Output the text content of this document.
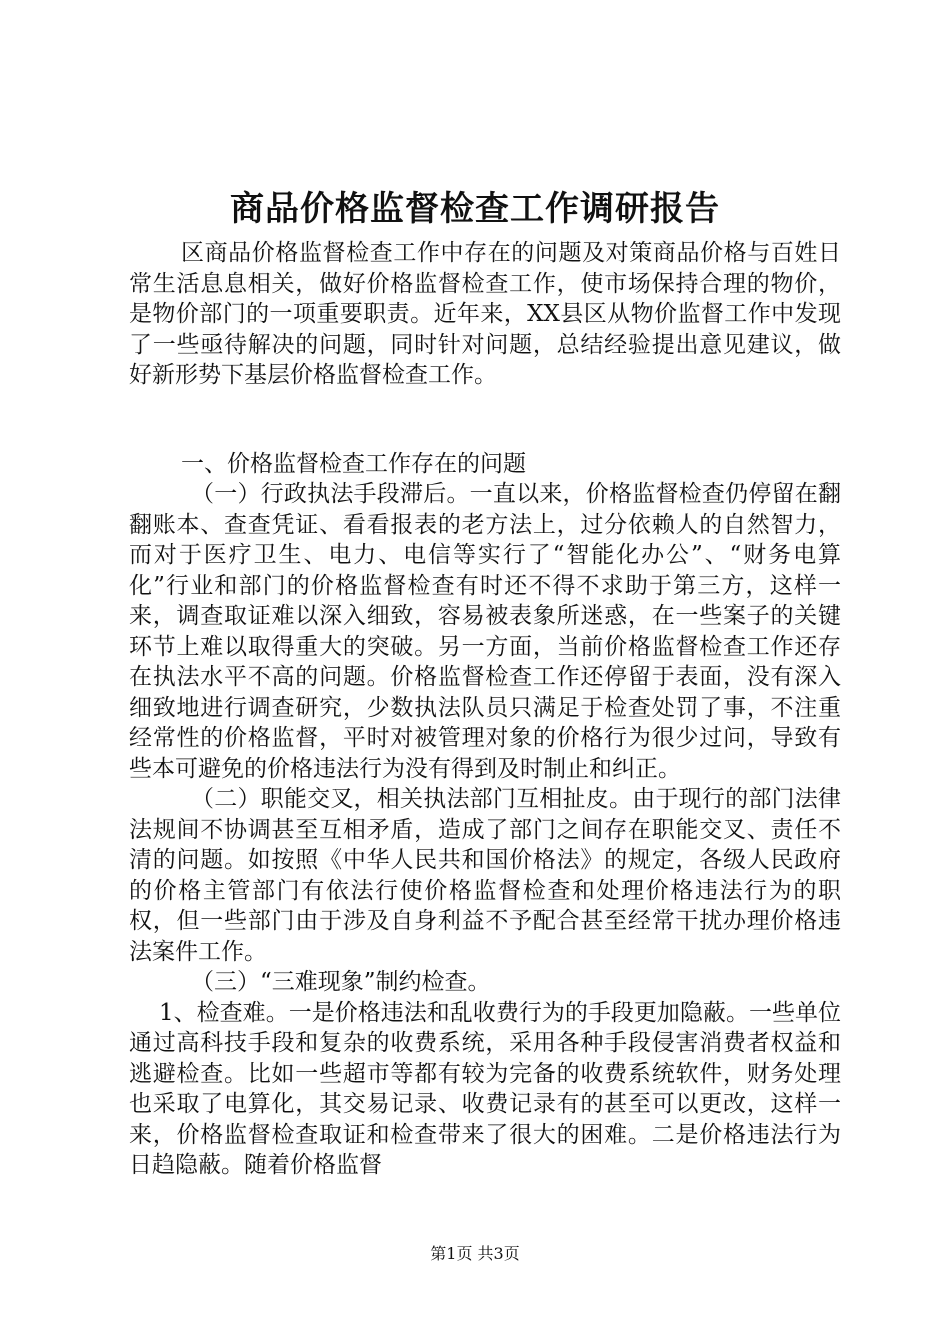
商品价格监督检查工作调研报告

区商品价格监督检查工作中存在的问题及对策商品价格与百姓日常生活息息相关，做好价格监督检查工作，使市场保持合理的物价，是物价部门的一项重要职责。近年来，XX县区从物价监督工作中发现了一些亟待解决的问题，同时针对问题，总结经验提出意见建议，做好新形势下基层价格监督检查工作。

一、价格监督检查工作存在的问题

（一）行政执法手段滞后。一直以来，价格监督检查仍停留在翻翻账本、查查凭证、看看报表的老方法上，过分依赖人的自然智力，而对于医疗卫生、电力、电信等实行了“智能化办公”、“财务电算化”行业和部门的价格监督检查有时还不得不求助于第三方，这样一来，调查取证难以深入细致，容易被表象所迷惑，在一些案子的关键环节上难以取得重大的突破。另一方面，当前价格监督检查工作还存在执法水平不高的问题。价格监督检查工作还停留于表面，没有深入细致地进行调查研究，少数执法队员只满足于检查处罚了事，不注重经常性的价格监督，平时对被管理对象的价格行为很少过问，导致有些本可避免的价格违法行为没有得到及时制止和纠正。

（二）职能交叉，相关执法部门互相扯皮。由于现行的部门法律法规间不协调甚至互相矛盾，造成了部门之间存在职能交叉、责任不清的问题。如按照《中华人民共和国价格法》的规定，各级人民政府的价格主管部门有依法行使价格监督检查和处理价格违法行为的职权，但一些部门由于涉及自身利益不予配合甚至经常干扰办理价格违法案件工作。

（三）“三难现象”制约检查。

1、检查难。一是价格违法和乱收费行为的手段更加隐蔽。一些单位通过高科技手段和复杂的收费系统，采用各种手段侵害消费者权益和逃避检查。比如一些超市等都有较为完备的收费系统软件，财务处理也采取了电算化，其交易记录、收费记录有的甚至可以更改，这样一来，价格监督检查取证和检查带来了很大的困难。二是价格违法行为日趋隐蔽。随着价格监督

第1页 共3页
